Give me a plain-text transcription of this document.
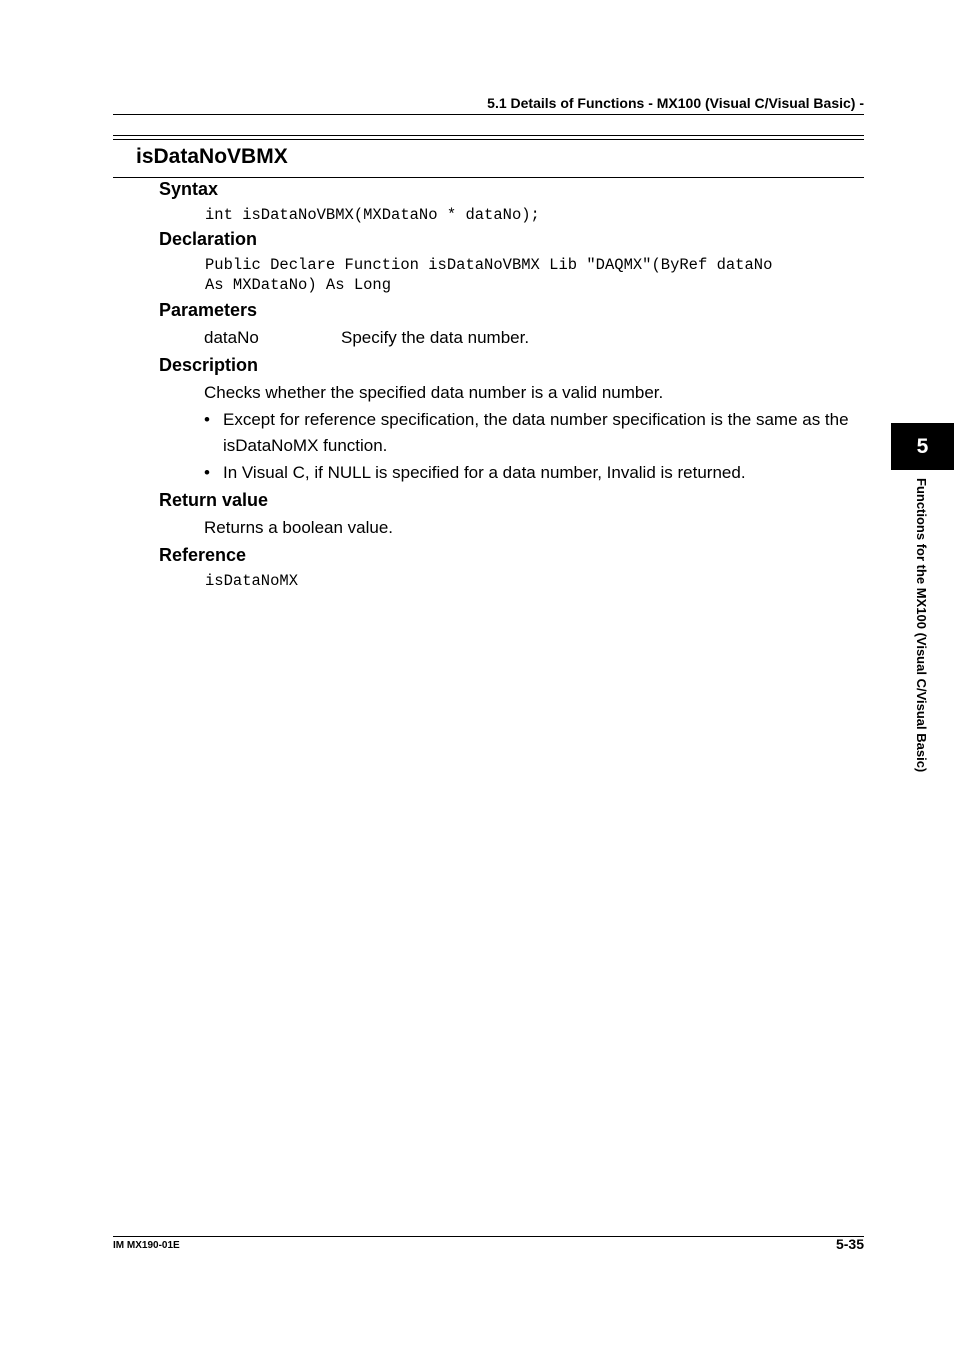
5.1 Details of Functions - MX100 (Visual C/Visual Basic) -
isDataNoVBMX
Syntax
int isDataNoVBMX(MXDataNo * dataNo);
Declaration
Public Declare Function isDataNoVBMX Lib "DAQMX"(ByRef dataNo
As MXDataNo) As Long
Parameters
dataNo	Specify the data number.
Description
Checks whether the specified data number is a valid number.
• Except for reference specification, the data number specification is the same as the isDataNoMX function.
• In Visual C, if NULL is specified for a data number, Invalid is returned.
Return value
Returns a boolean value.
Reference
isDataNoMX
5
Functions for the MX100 (Visual C/Visual Basic)
IM MX190-01E	5-35
